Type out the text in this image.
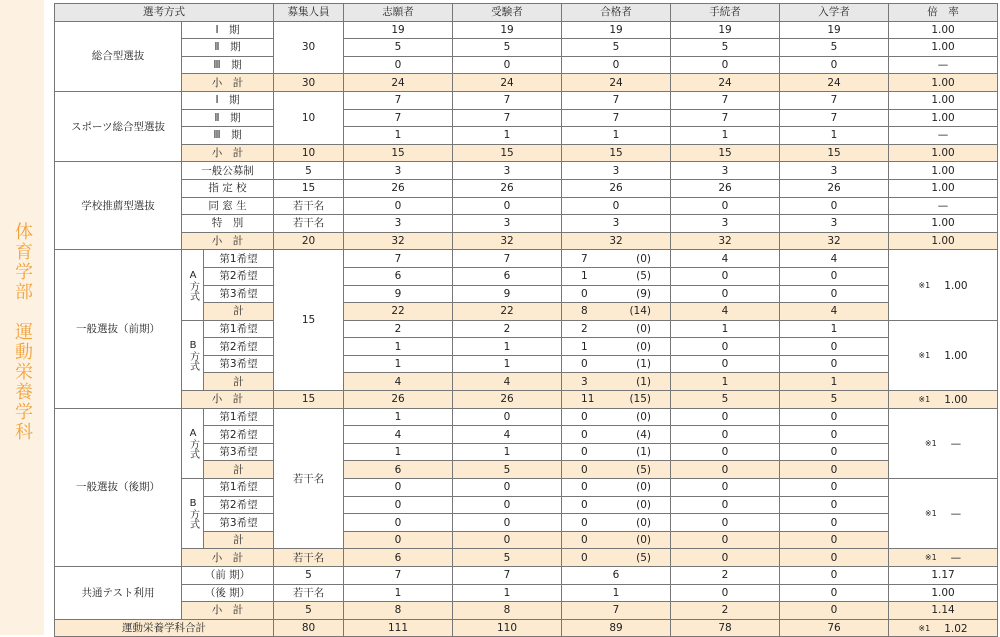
体育学部　運動栄養学科
選考方式			募集人員	志願者	受験者	合格者	手続者	入学者	倍　率
総合型選抜	Ⅰ　期		30	19	19	19	19	19	1.00
	Ⅱ　期			5	5	5	5	5	1.00
	Ⅲ　期			0	0	0	0	0	—
	小　計		30	24	24	24	24	24	1.00
スポーツ総合型選抜	Ⅰ　期		10	7	7	7	7	7	1.00
	Ⅱ　期			7	7	7	7	7	1.00
	Ⅲ　期			1	1	1	1	1	—
	小　計		10	15	15	15	15	15	1.00
学校推薦型選抜	一般公募制		5	3	3	3	3	3	1.00
	指 定 校		15	26	26	26	26	26	1.00
	同 窓 生		若干名	0	0	0	0	0	—
	特　別		若干名	3	3	3	3	3	1.00
	小　計		20	32	32	32	32	32	1.00
一般選抜（前期）	A方式	第1希望	15	7	7	7 (0)	4	4	※1 1.00

		第2希望		6	6	1 (5)	0	0	
		第3希望		9	9	0 (9)	0	0	
		計		22	22	8 (14)	4	4	
	B方式	第1希望		2	2	2 (0)	1	1	※1 1.00

		第2希望		1	1	1 (0)	0	0	
		第3希望		1	1	0 (1)	0	0	
		計		4	4	3 (1)	1	1	
	小　計		15	26	26	11 (15)	5	5	※1 1.00

一般選抜（後期）	A方式	第1希望	若干名	1	0	0 (0)	0	0	※1 —

		第2希望		4	4	0 (4)	0	0	
		第3希望		1	1	0 (1)	0	0	
		計		6	5	0 (5)	0	0	
	B方式	第1希望		0	0	0 (0)	0	0	※1 —

		第2希望		0	0	0 (0)	0	0	
		第3希望		0	0	0 (0)	0	0	
		計		0	0	0 (0)	0	0	
	小　計		若干名	6	5	0 (5)	0	0	※1 —

共通テスト利用	（前 期）		5	7	7	6	2	0	1.17
	（後 期）		若干名	1	1	1	0	0	1.00
	小　計		5	8	8	7	2	0	1.14
運動栄養学科合計			80	111	110	89	78	76	※1 1.02
